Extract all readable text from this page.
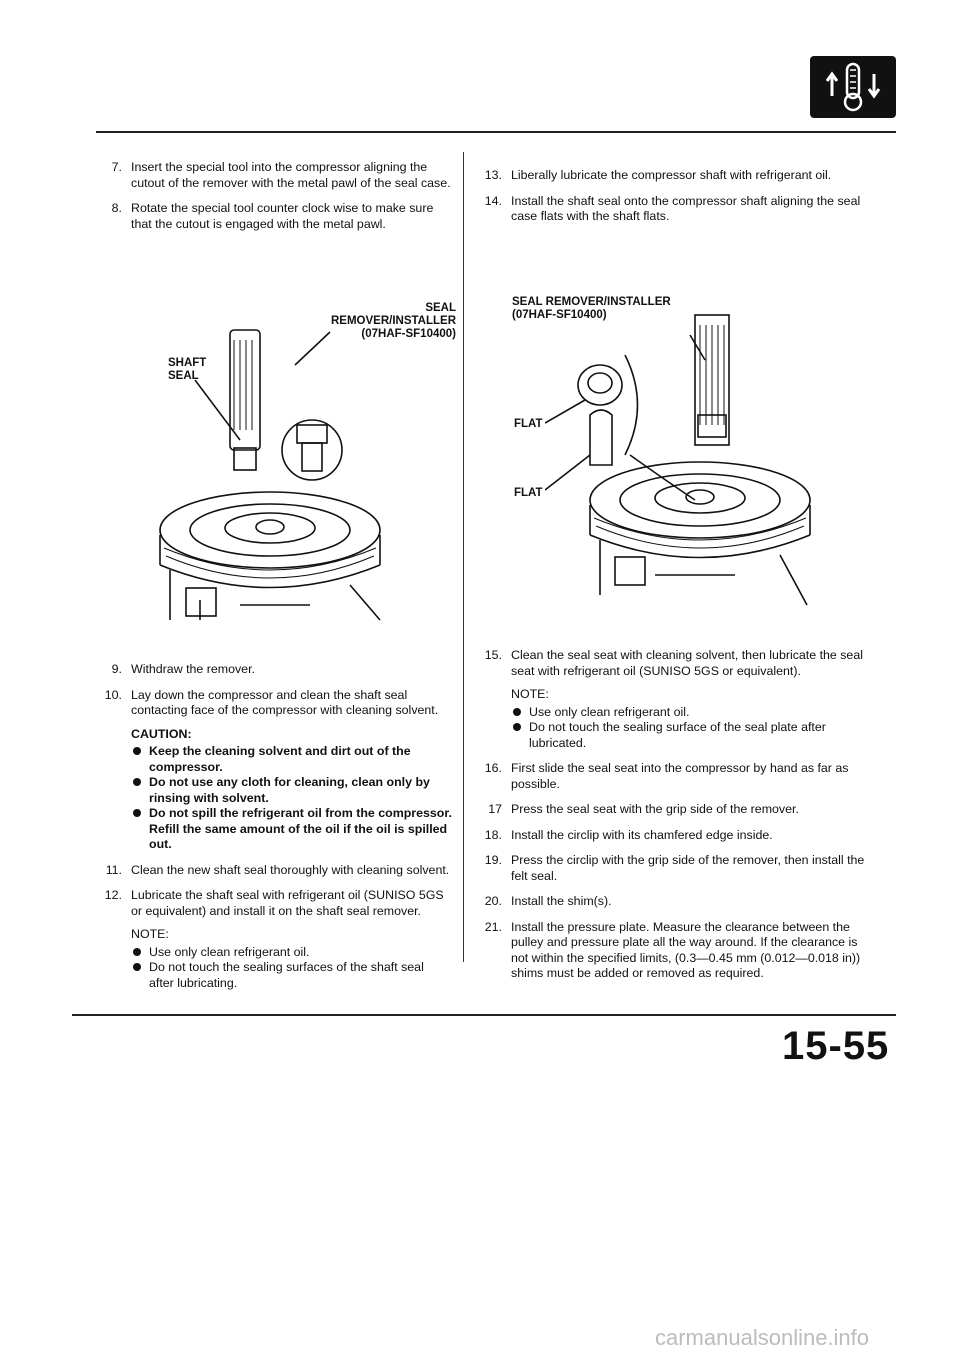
7. Insert the special tool into the compressor aligning the cutout of the remover with the metal pawl of the seal case.
8. Rotate the special tool counter clock wise to make sure that the cutout is engaged with the metal pawl.
SEAL REMOVER/INSTALLER
(07HAF-SF10400)
SHAFT
SEAL
9. Withdraw the remover.
10. Lay down the compressor and clean the shaft seal contacting face of the compressor with cleaning solvent.
CAUTION:
Keep the cleaning solvent and dirt out of the compressor.
Do not use any cloth for cleaning, clean only by rinsing with solvent.
Do not spill the refrigerant oil from the compressor. Refill the same amount of the oil if the oil is spilled out.
11. Clean the new shaft seal thoroughly with cleaning solvent.
12. Lubricate the shaft seal with refrigerant oil (SUNISO 5GS or equivalent) and install it on the shaft seal remover.
NOTE:
Use only clean refrigerant oil.
Do not touch the sealing surfaces of the shaft seal after lubricating.
13. Liberally lubricate the compressor shaft with refrigerant oil.
14. Install the shaft seal onto the compressor shaft aligning the seal case flats with the shaft flats.
SEAL REMOVER/INSTALLER
(07HAF-SF10400)
FLAT
FLAT
15. Clean the seal seat with cleaning solvent, then lubricate the seal seat with refrigerant oil (SUNISO 5GS or equivalent).
NOTE:
Use only clean refrigerant oil.
Do not touch the sealing surface of the seal plate after lubricated.
16. First slide the seal seat into the compressor by hand as far as possible.
17 Press the seal seat with the grip side of the remover.
18. Install the circlip with its chamfered edge inside.
19. Press the circlip with the grip side of the remover, then install the felt seal.
20. Install the shim(s).
21. Install the pressure plate. Measure the clearance between the pulley and pressure plate all the way around. If the clearance is not within the specified limits, (0.3—0.45 mm (0.012—0.018 in)) shims must be added or removed as required.
15-55
carmanualsonline.info
